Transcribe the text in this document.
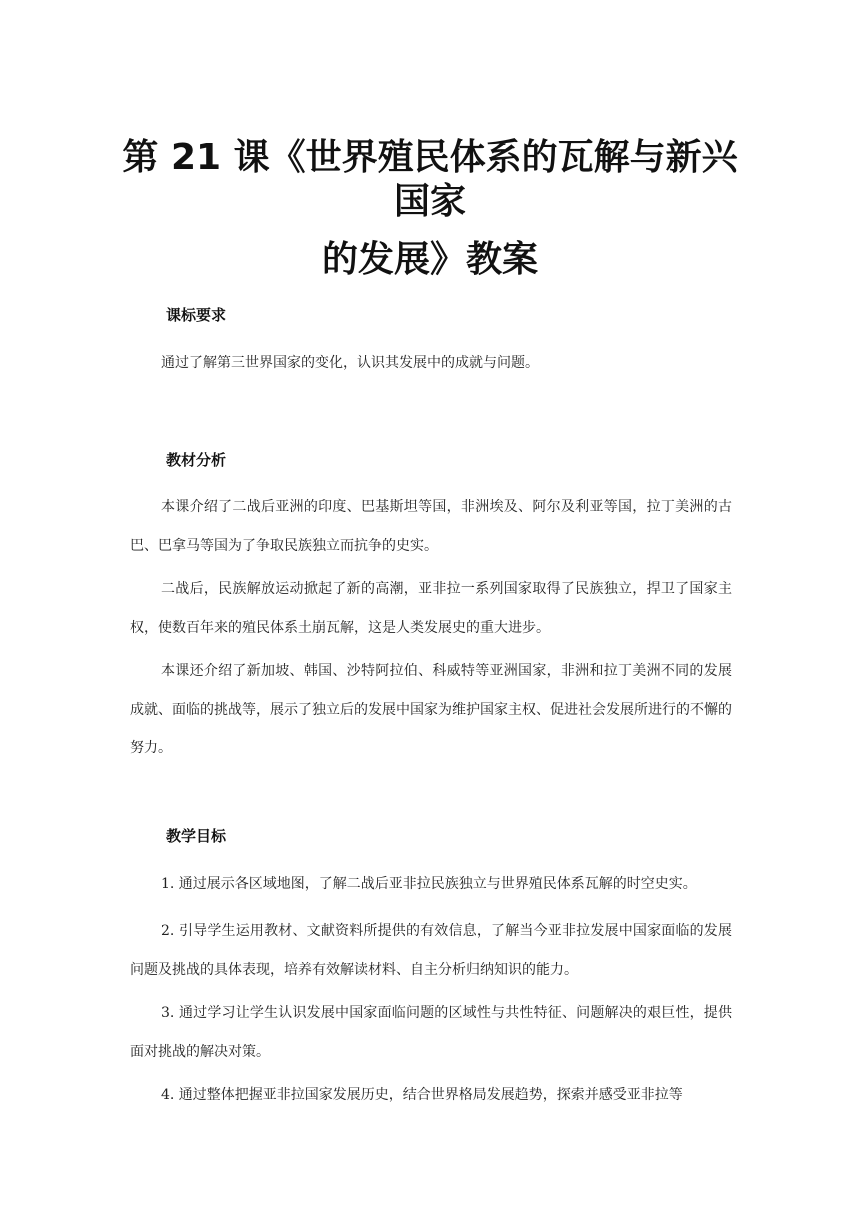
第 21 课《世界殖民体系的瓦解与新兴
国家
的发展》教案
课标要求

通过了解第三世界国家的变化，认识其发展中的成就与问题。

教材分析

本课介绍了二战后亚洲的印度、巴基斯坦等国，非洲埃及、阿尔及利亚等国，拉丁美洲的古巴、巴拿马等国为了争取民族独立而抗争的史实。

二战后，民族解放运动掀起了新的高潮，亚非拉一系列国家取得了民族独立，捍卫了国家主权，使数百年来的殖民体系土崩瓦解，这是人类发展史的重大进步。

本课还介绍了新加坡、韩国、沙特阿拉伯、科威特等亚洲国家，非洲和拉丁美洲不同的发展成就、面临的挑战等，展示了独立后的发展中国家为维护国家主权、促进社会发展所进行的不懈的努力。

教学目标

1. 通过展示各区域地图，了解二战后亚非拉民族独立与世界殖民体系瓦解的时空史实。

2. 引导学生运用教材、文献资料所提供的有效信息，了解当今亚非拉发展中国家面临的发展问题及挑战的具体表现，培养有效解读材料、自主分析归纳知识的能力。

3. 通过学习让学生认识发展中国家面临问题的区域性与共性特征、问题解决的艰巨性，提供面对挑战的解决对策。

4. 通过整体把握亚非拉国家发展历史，结合世界格局发展趋势，探索并感受亚非拉等
